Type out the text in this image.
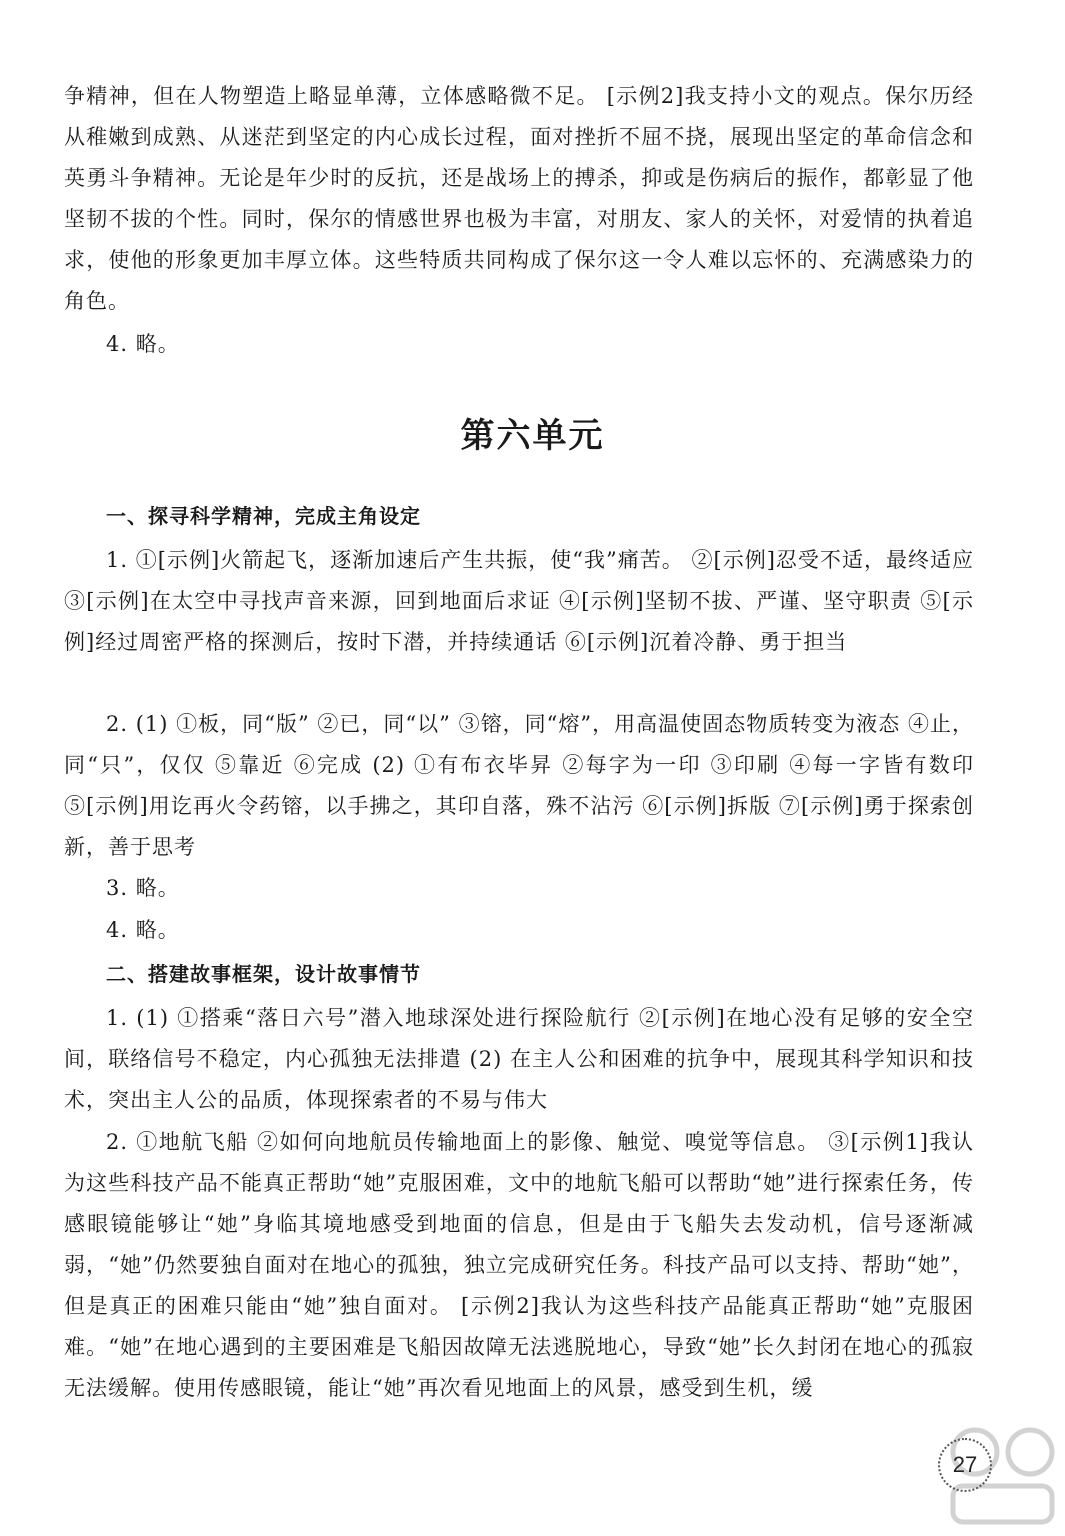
争精神，但在人物塑造上略显单薄，立体感略微不足。 [示例2]我支持小文的观点。保尔历经从稚嫩到成熟、从迷茫到坚定的内心成长过程，面对挫折不屈不挠，展现出坚定的革命信念和英勇斗争精神。无论是年少时的反抗，还是战场上的搏杀，抑或是伤病后的振作，都彰显了他坚韧不拔的个性。同时，保尔的情感世界也极为丰富，对朋友、家人的关怀，对爱情的执着追求，使他的形象更加丰厚立体。这些特质共同构成了保尔这一令人难以忘怀的、充满感染力的角色。

4. 略。

第六单元
一、探寻科学精神，完成主角设定

1. ①[示例]火箭起飞，逐渐加速后产生共振，使“我”痛苦。 ②[示例]忍受不适，最终适应 ③[示例]在太空中寻找声音来源，回到地面后求证 ④[示例]坚韧不拔、严谨、坚守职责 ⑤[示例]经过周密严格的探测后，按时下潜，并持续通话 ⑥[示例]沉着冷静、勇于担当

2. (1) ①板，同“版” ②已，同“以” ③镕，同“熔”，用高温使固态物质转变为液态 ④止，同“只”，仅仅 ⑤靠近 ⑥完成 (2) ①有布衣毕昇 ②每字为一印 ③印刷 ④每一字皆有数印 ⑤[示例]用讫再火令药镕，以手拂之，其印自落，殊不沾污 ⑥[示例]拆版 ⑦[示例]勇于探索创新，善于思考

3. 略。

4. 略。

二、搭建故事框架，设计故事情节

1. (1) ①搭乘“落日六号”潜入地球深处进行探险航行 ②[示例]在地心没有足够的安全空间，联络信号不稳定，内心孤独无法排遣 (2) 在主人公和困难的抗争中，展现其科学知识和技术，突出主人公的品质，体现探索者的不易与伟大

2. ①地航飞船 ②如何向地航员传输地面上的影像、触觉、嗅觉等信息。 ③[示例1]我认为这些科技产品不能真正帮助“她”克服困难，文中的地航飞船可以帮助“她”进行探索任务，传感眼镜能够让“她”身临其境地感受到地面的信息，但是由于飞船失去发动机，信号逐渐减弱，“她”仍然要独自面对在地心的孤独，独立完成研究任务。科技产品可以支持、帮助“她”，但是真正的困难只能由“她”独自面对。 [示例2]我认为这些科技产品能真正帮助“她”克服困难。“她”在地心遇到的主要困难是飞船因故障无法逃脱地心，导致“她”长久封闭在地心的孤寂无法缓解。使用传感眼镜，能让“她”再次看见地面上的风景，感受到生机，缓

27
